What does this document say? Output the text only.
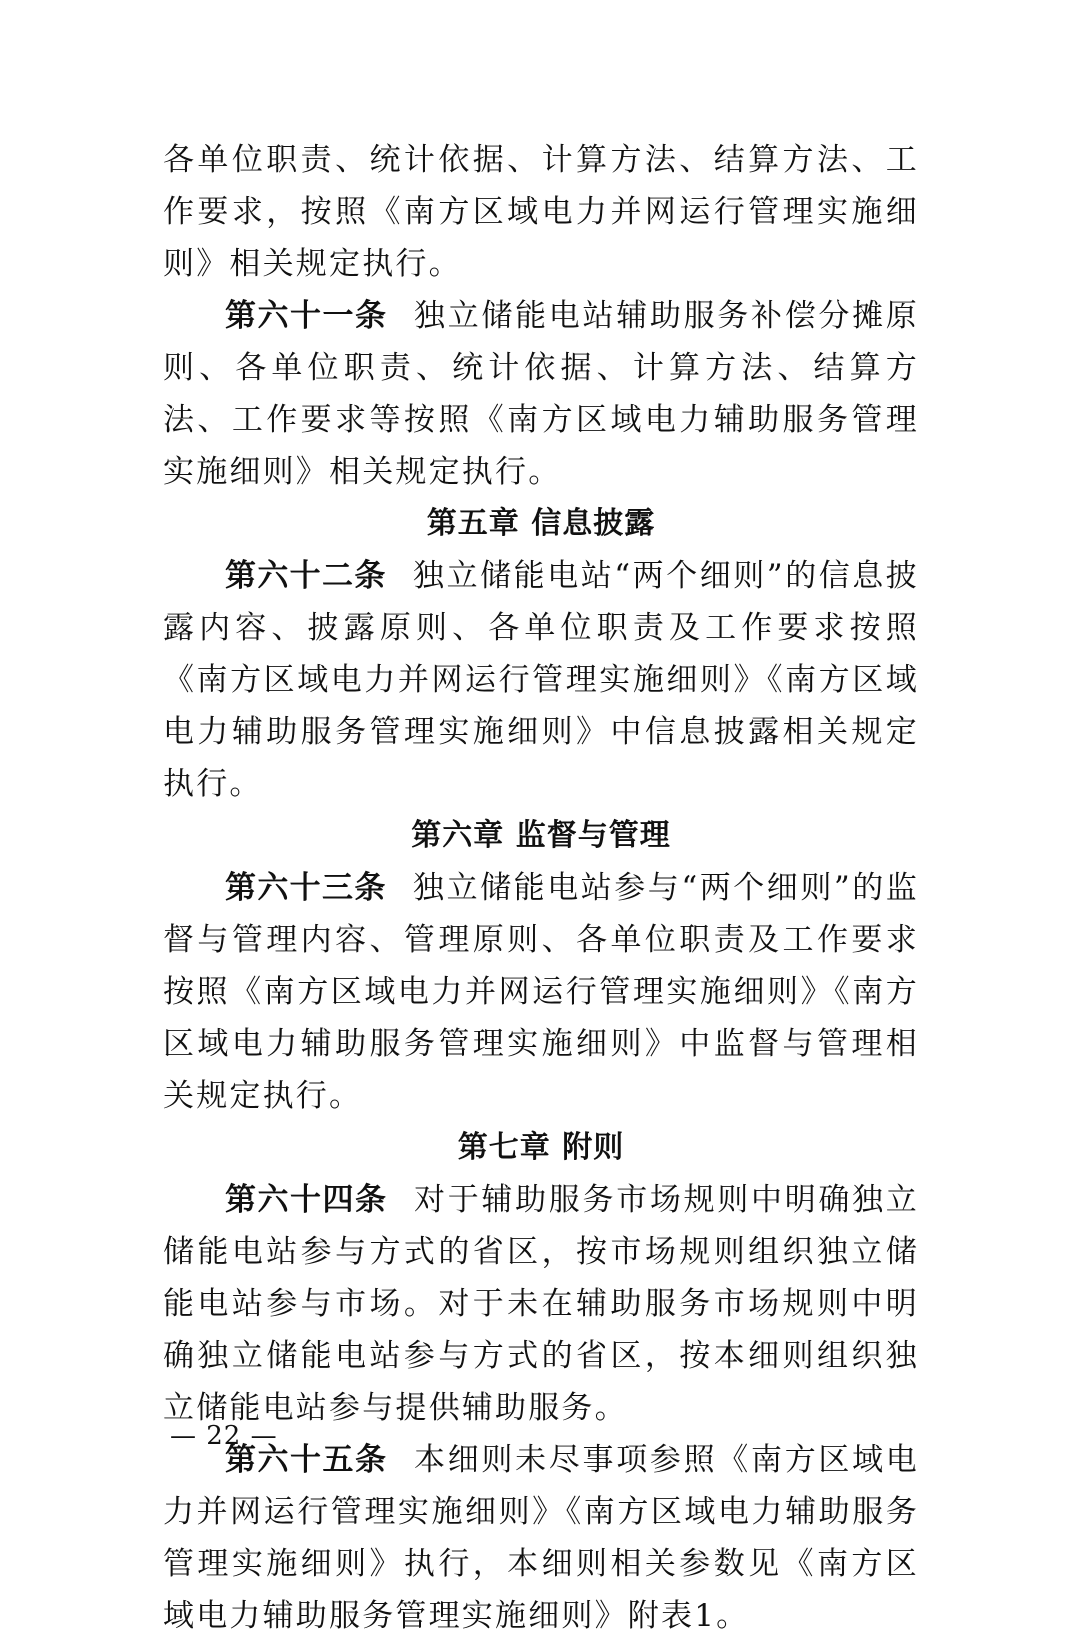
各单位职责、统计依据、计算方法、结算方法、工作要求，按照《南方区域电力并网运行管理实施细则》相关规定执行。

第六十一条 独立储能电站辅助服务补偿分摊原则、各单位职责、统计依据、计算方法、结算方法、工作要求等按照《南方区域电力辅助服务管理实施细则》相关规定执行。

第五章 信息披露

第六十二条 独立储能电站“两个细则”的信息披露内容、披露原则、各单位职责及工作要求按照《南方区域电力并网运行管理实施细则》《南方区域电力辅助服务管理实施细则》中信息披露相关规定执行。

第六章 监督与管理

第六十三条 独立储能电站参与“两个细则”的监督与管理内容、管理原则、各单位职责及工作要求按照《南方区域电力并网运行管理实施细则》《南方区域电力辅助服务管理实施细则》中监督与管理相关规定执行。

第七章 附则

第六十四条 对于辅助服务市场规则中明确独立储能电站参与方式的省区，按市场规则组织独立储能电站参与市场。对于未在辅助服务市场规则中明确独立储能电站参与方式的省区，按本细则组织独立储能电站参与提供辅助服务。

第六十五条 本细则未尽事项参照《南方区域电力并网运行管理实施细则》《南方区域电力辅助服务管理实施细则》执行，本细则相关参数见《南方区域电力辅助服务管理实施细则》附表1。

— 22 —
